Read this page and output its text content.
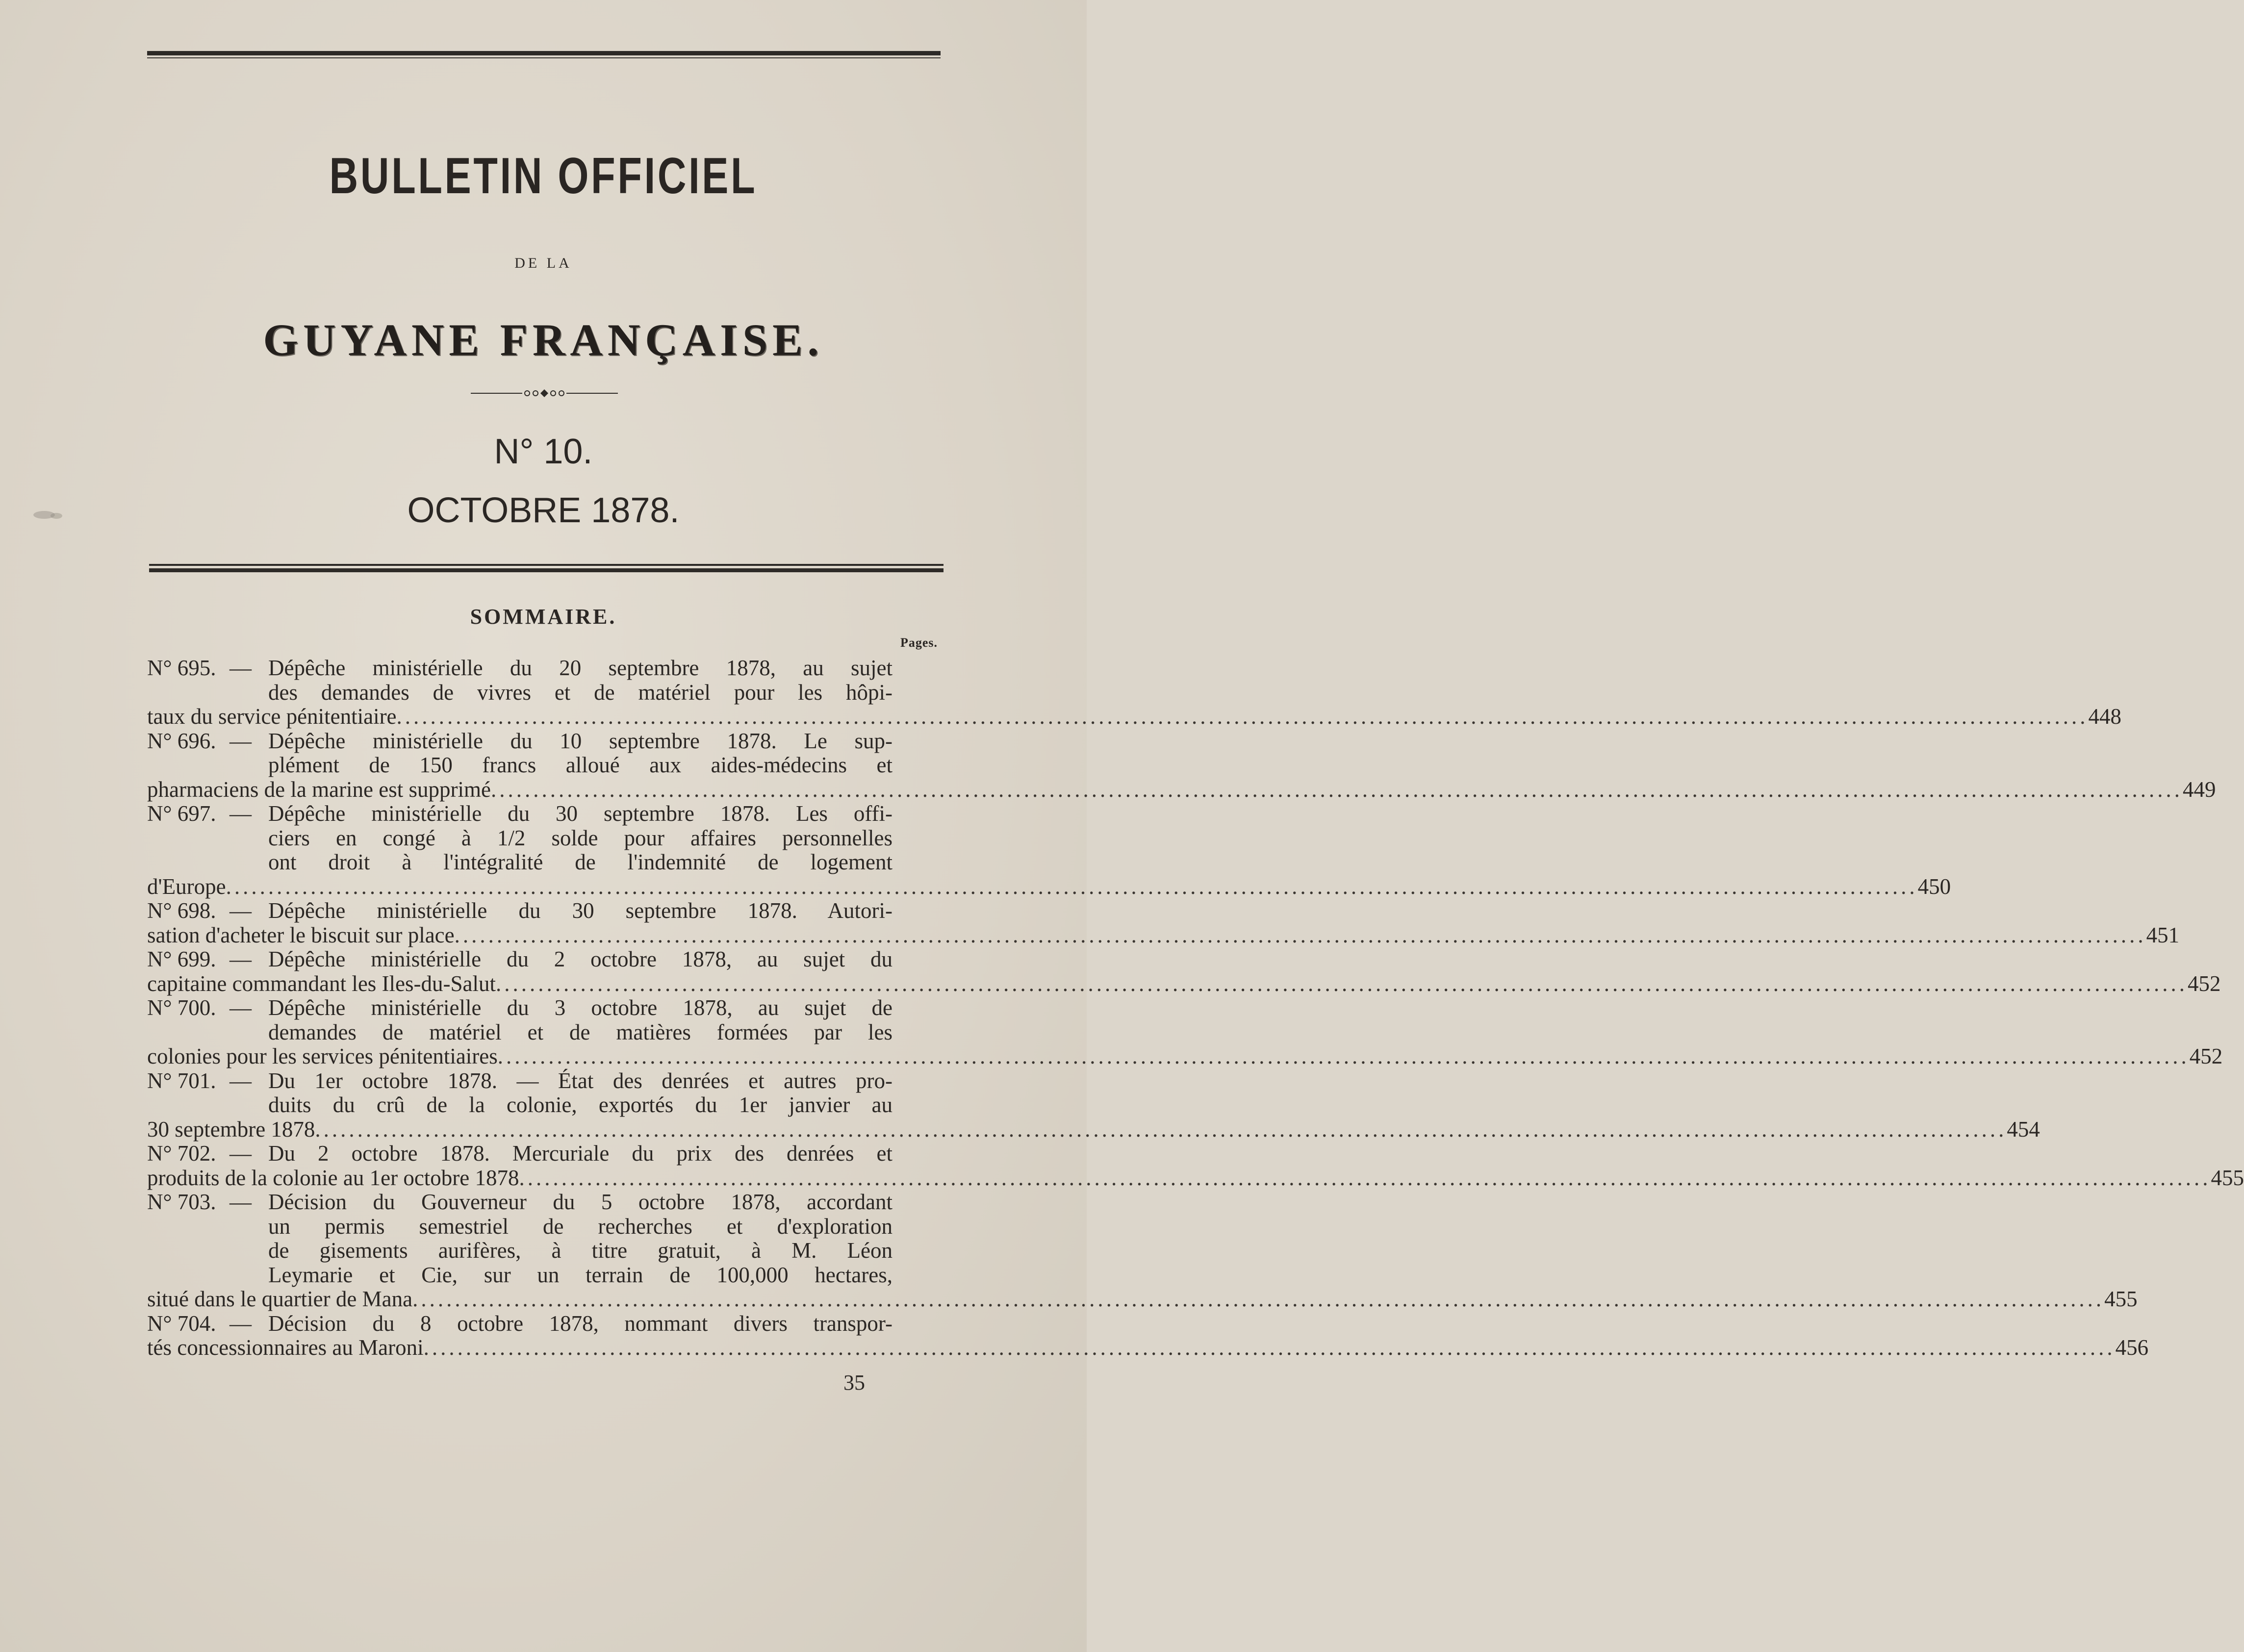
BULLETIN OFFICIEL
DE LA
GUYANE FRANÇAISE.
N° 10.
OCTOBRE 1878.
SOMMAIRE.
Pages.
N° 695. — Dépêche ministérielle du 20 septembre 1878, au sujet
des demandes de vivres et de matériel pour les hôpi-
taux du service pénitentiaire ........................................................................................................................................................................................................ 448
N° 696. — Dépêche ministérielle du 10 septembre 1878. Le sup-
plément de 150 francs alloué aux aides-médecins et
pharmaciens de la marine est supprimé ........................................................................................................................................................................................................ 449
N° 697. — Dépêche ministérielle du 30 septembre 1878. Les offi-
ciers en congé à 1/2 solde pour affaires personnelles
ont droit à l'intégralité de l'indemnité de logement
d'Europe ........................................................................................................................................................................................................ 450
N° 698. — Dépêche ministérielle du 30 septembre 1878. Autori-
sation d'acheter le biscuit sur place ........................................................................................................................................................................................................ 451
N° 699. — Dépêche ministérielle du 2 octobre 1878, au sujet du
capitaine commandant les Iles-du-Salut ........................................................................................................................................................................................................ 452
N° 700. — Dépêche ministérielle du 3 octobre 1878, au sujet de
demandes de matériel et de matières formées par les
colonies pour les services pénitentiaires ........................................................................................................................................................................................................ 452
N° 701. — Du 1er octobre 1878. — État des denrées et autres pro-
duits du crû de la colonie, exportés du 1er janvier au
30 septembre 1878 ........................................................................................................................................................................................................ 454
N° 702. — Du 2 octobre 1878. Mercuriale du prix des denrées et
produits de la colonie au 1er octobre 1878 ........................................................................................................................................................................................................ 455
N° 703. — Décision du Gouverneur du 5 octobre 1878, accordant
un permis semestriel de recherches et d'exploration
de gisements aurifères, à titre gratuit, à M. Léon
Leymarie et Cie, sur un terrain de 100,000 hectares,
situé dans le quartier de Mana ........................................................................................................................................................................................................ 455
N° 704. — Décision du 8 octobre 1878, nommant divers transpor-
tés concessionnaires au Maroni ........................................................................................................................................................................................................ 456
35
